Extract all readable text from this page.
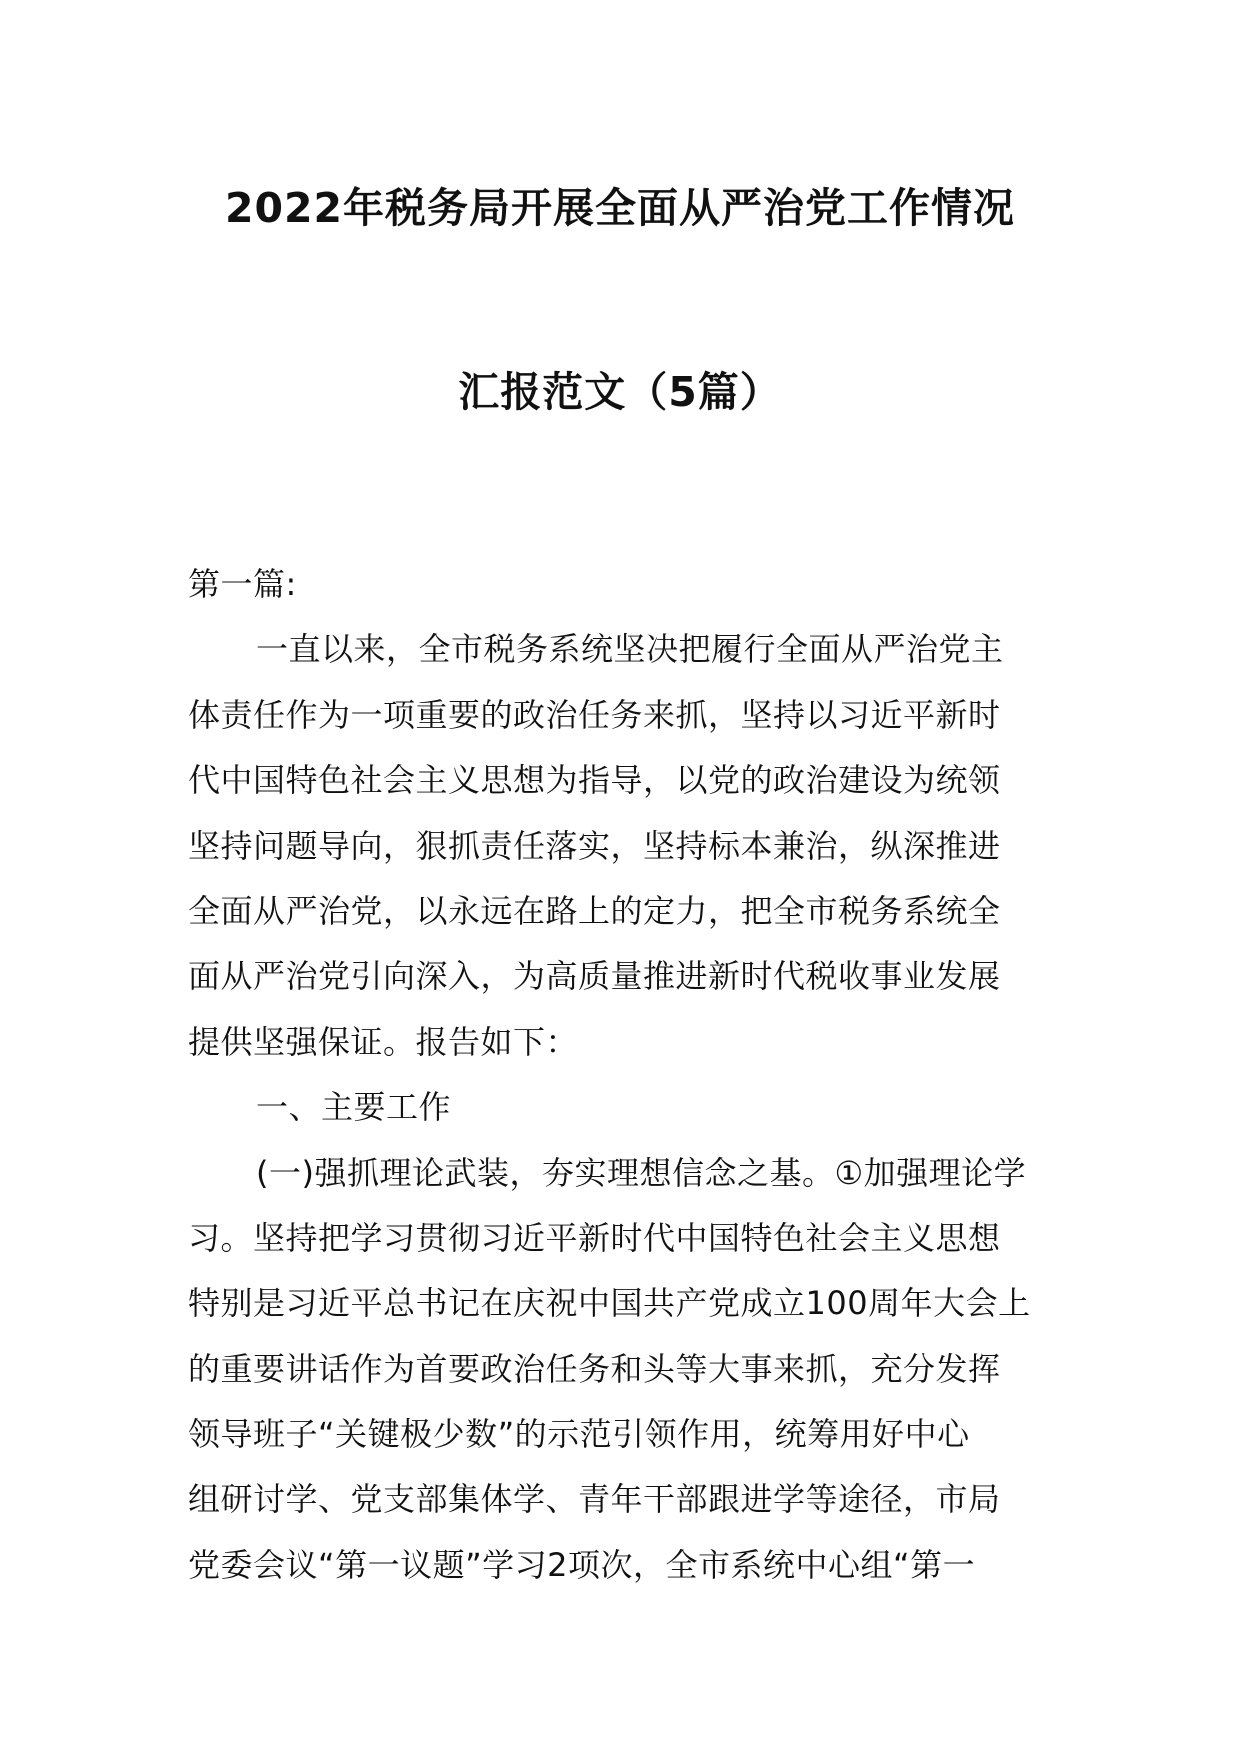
2022年税务局开展全面从严治党工作情况
汇报范文（5篇）
第一篇:
一直以来，全市税务系统坚决把履行全面从严治党主
体责任作为一项重要的政治任务来抓，坚持以习近平新时
代中国特色社会主义思想为指导，以党的政治建设为统领
坚持问题导向，狠抓责任落实，坚持标本兼治，纵深推进
全面从严治党，以永远在路上的定力，把全市税务系统全
面从严治党引向深入，为高质量推进新时代税收事业发展
提供坚强保证。报告如下：
一、主要工作
(一)强抓理论武装，夯实理想信念之基。①加强理论学
习。坚持把学习贯彻习近平新时代中国特色社会主义思想
特别是习近平总书记在庆祝中国共产党成立100周年大会上
的重要讲话作为首要政治任务和头等大事来抓，充分发挥
领导班子“关键极少数”的示范引领作用，统筹用好中心
组研讨学、党支部集体学、青年干部跟进学等途径，市局
党委会议“第一议题”学习2项次，全市系统中心组“第一
